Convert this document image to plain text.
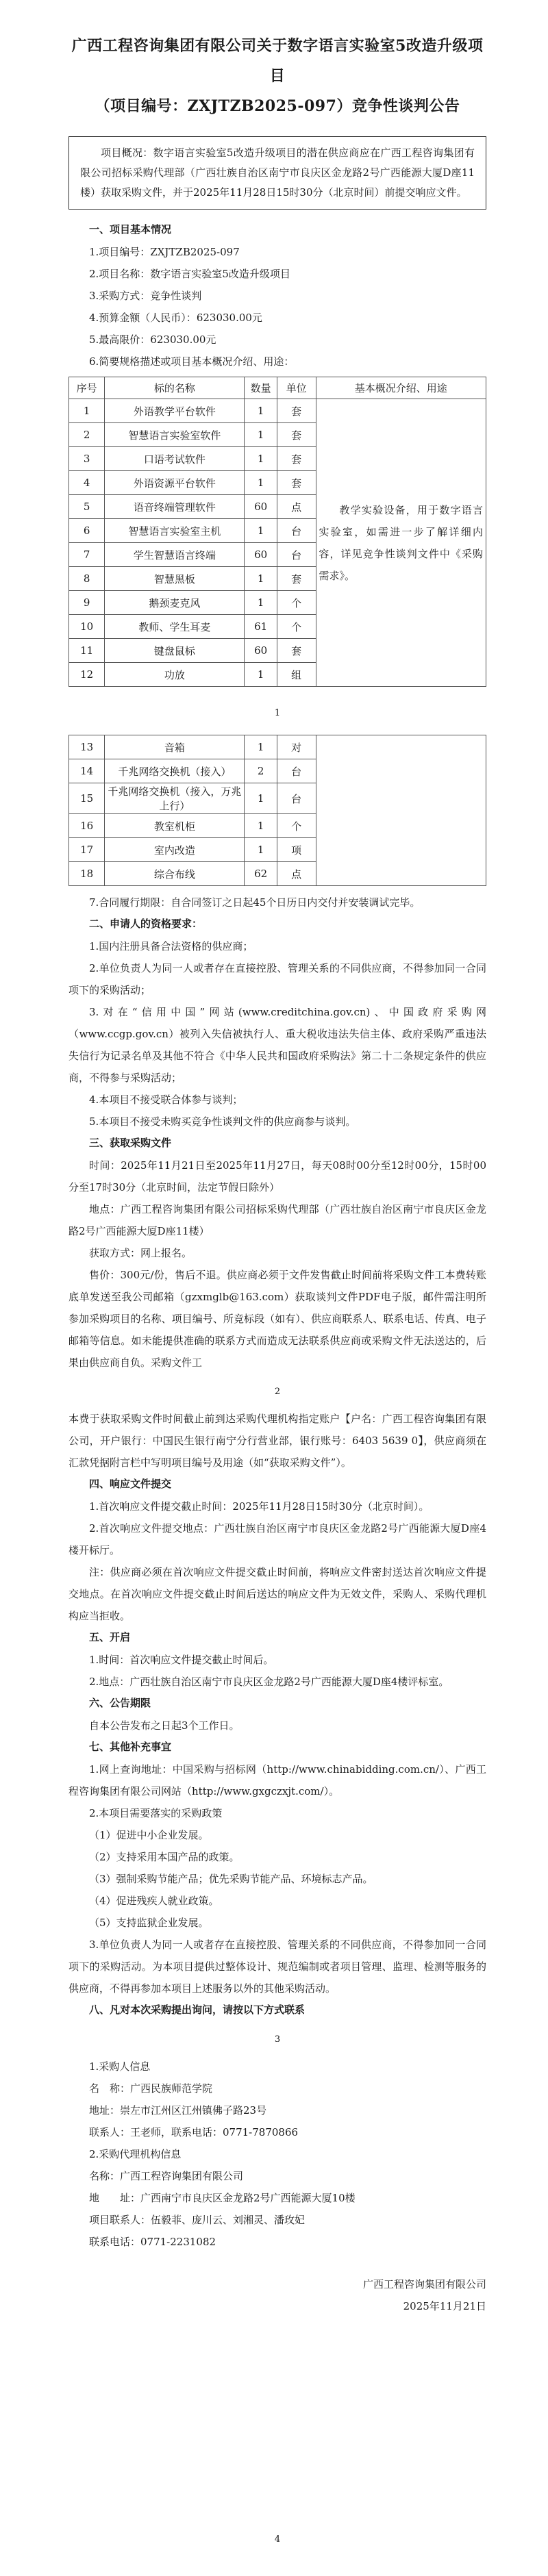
广西工程咨询集团有限公司关于数字语言实验室5改造升级项目
（项目编号：ZXJTZB2025-097）竞争性谈判公告

项目概况：数字语言实验室5改造升级项目的潜在供应商应在广西工程咨询集团有限公司招标采购代理部（广西壮族自治区南宁市良庆区金龙路2号广西能源大厦D座11楼）获取采购文件，并于2025年11月28日15时30分（北京时间）前提交响应文件。

一、项目基本情况

1.项目编号：ZXJTZB2025-097

2.项目名称：数字语言实验室5改造升级项目

3.采购方式：竞争性谈判

4.预算金额（人民币）：623030.00元

5.最高限价：623030.00元

6.简要规格描述或项目基本概况介绍、用途：

序号	标的名称	数量	单位	基本概况介绍、用途
1	外语教学平台软件	1	套	教学实验设备，用于数字语言实验室，如需进一步了解详细内容，详见竞争性谈判文件中《采购需求》。

2	智慧语言实验室软件	1	套	
3	口语考试软件	1	套	
4	外语资源平台软件	1	套	
5	语音终端管理软件	60	点	
6	智慧语言实验室主机	1	台	
7	学生智慧语言终端	60	台	
8	智慧黑板	1	套	
9	鹅颈麦克风	1	个	
10	教师、学生耳麦	61	个	
11	键盘鼠标	60	套	
12	功放	1	组	
1
13	音箱	1	对	
14	千兆网络交换机（接入）	2	台	
15	千兆网络交换机（接入，万兆上行）	1	台	
16	教室机柜	1	个	
17	室内改造	1	项	
18	综合布线	62	点	

7.合同履行期限：自合同签订之日起45个日历日内交付并安装调试完毕。

二、申请人的资格要求：

1.国内注册具备合法资格的供应商；

2.单位负责人为同一人或者存在直接控股、管理关系的不同供应商，不得参加同一合同项下的采购活动；

3.对在“信用中国”网站(www.creditchina.gov.cn)、中国政府采购网（www.ccgp.gov.cn）被列入失信被执行人、重大税收违法失信主体、政府采购严重违法失信行为记录名单及其他不符合《中华人民共和国政府采购法》第二十二条规定条件的供应商，不得参与采购活动；

4.本项目不接受联合体参与谈判；

5.本项目不接受未购买竞争性谈判文件的供应商参与谈判。

三、获取采购文件

时间：2025年11月21日至2025年11月27日，每天08时00分至12时00分，15时00分至17时30分（北京时间，法定节假日除外）

地点：广西工程咨询集团有限公司招标采购代理部（广西壮族自治区南宁市良庆区金龙路2号广西能源大厦D座11楼）

获取方式：网上报名。

售价：300元/份，售后不退。供应商必须于文件发售截止时间前将采购文件工本费转账底单发送至我公司邮箱（gzxmglb@163.com）获取谈判文件PDF电子版，邮件需注明所参加采购项目的名称、项目编号、所竞标段（如有）、供应商联系人、联系电话、传真、电子邮箱等信息。如未能提供准确的联系方式而造成无法联系供应商或采购文件无法送达的，后果由供应商自负。采购文件工

2

本费于获取采购文件时间截止前到达采购代理机构指定账户【户名：广西工程咨询集团有限公司，开户银行：中国民生银行南宁分行营业部，银行账号：6403 5639 0】，供应商须在汇款凭据附言栏中写明项目编号及用途（如“获取采购文件”）。

四、响应文件提交

1.首次响应文件提交截止时间：2025年11月28日15时30分（北京时间）。

2.首次响应文件提交地点：广西壮族自治区南宁市良庆区金龙路2号广西能源大厦D座4楼开标厅。

注：供应商必须在首次响应文件提交截止时间前，将响应文件密封送达首次响应文件提交地点。在首次响应文件提交截止时间后送达的响应文件为无效文件，采购人、采购代理机构应当拒收。

五、开启

1.时间：首次响应文件提交截止时间后。

2.地点：广西壮族自治区南宁市良庆区金龙路2号广西能源大厦D座4楼评标室。

六、公告期限

自本公告发布之日起3个工作日。

七、其他补充事宜

1.网上查询地址：中国采购与招标网（http://www.chinabidding.com.cn/）、广西工程咨询集团有限公司网站（http://www.gxgczxjt.com/）。

2.本项目需要落实的采购政策

（1）促进中小企业发展。

（2）支持采用本国产品的政策。

（3）强制采购节能产品；优先采购节能产品、环境标志产品。

（4）促进残疾人就业政策。

（5）支持监狱企业发展。

3.单位负责人为同一人或者存在直接控股、管理关系的不同供应商，不得参加同一合同项下的采购活动。为本项目提供过整体设计、规范编制或者项目管理、监理、检测等服务的供应商，不得再参加本项目上述服务以外的其他采购活动。

八、凡对本次采购提出询问，请按以下方式联系

3

1.采购人信息

名　称：广西民族师范学院

地址：崇左市江州区江州镇佛子路23号

联系人：王老师，联系电话：0771-7870866

2.采购代理机构信息

名称：广西工程咨询集团有限公司

地　　址：广西南宁市良庆区金龙路2号广西能源大厦10楼

项目联系人：伍毅菲、庞川云、刘湘灵、潘玫妃

联系电话：0771-2231082

广西工程咨询集团有限公司

2025年11月21日

4
